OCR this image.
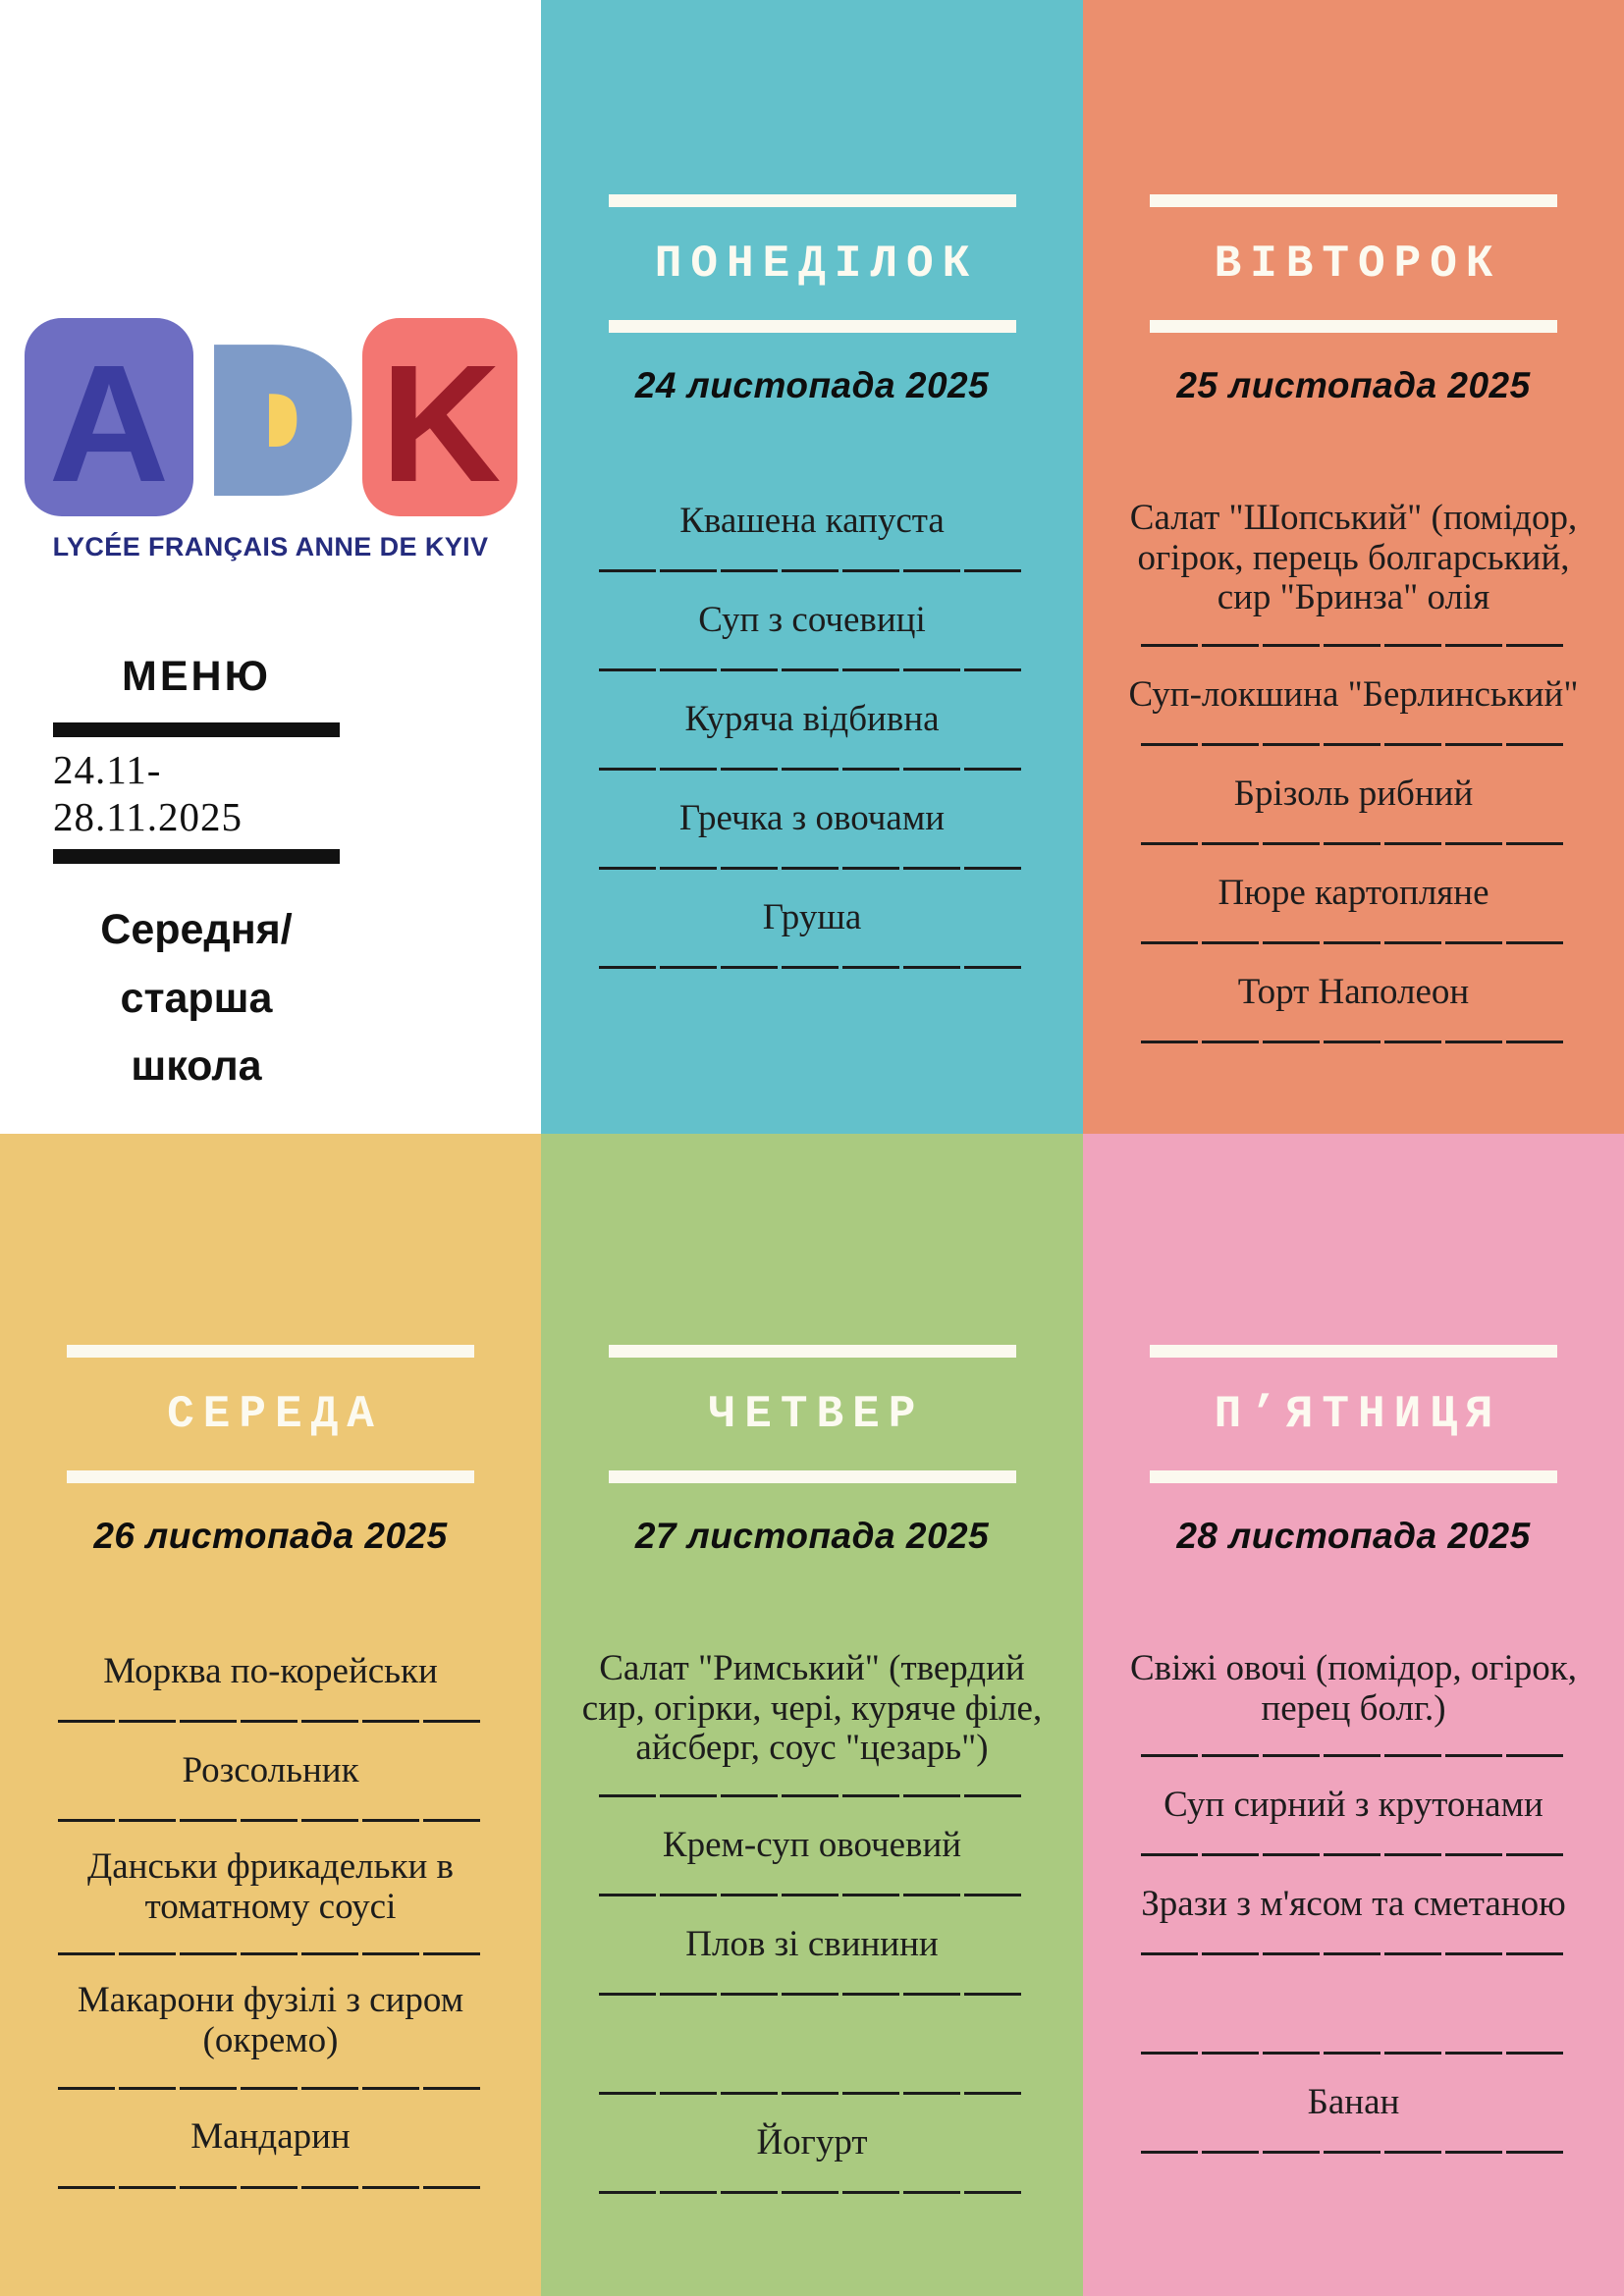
A D K
LYCÉE FRANÇAIS ANNE DE KYIV
МЕНЮ
24.11-28.11.2025
Середня/старша
школа
ПОНЕДІЛОК
24 листопада 2025
Квашена капуста
Суп з сочевиці
Куряча відбивна
Гречка з овочами
Груша
ВІВТОРОК
25 листопада 2025
Салат "Шопський" (помідор, огірок, перець болгарський, сир "Бринза" олія
Суп-локшина "Берлинський"
Брізоль рибний
Пюре картопляне
Торт Наполеон
СЕРЕДА
26 листопада 2025
Морква по-корейськи
Розсольник
Данськи фрикадельки в томатному соусі
Макарони фузілі з сиром (окремо)
Мандарин
ЧЕТВЕР
27 листопада 2025
Салат "Римський" (твердий сир, огірки, чері, куряче філе, айсберг, соус "цезарь")
Крем-суп овочевий
Плов зі свинини
Йогурт
П’ЯТНИЦЯ
28 листопада 2025
Свіжі овочі (помідор, огірок, перец болг.)
Суп сирний з крутонами
Зрази з м'ясом та сметаною
Банан
